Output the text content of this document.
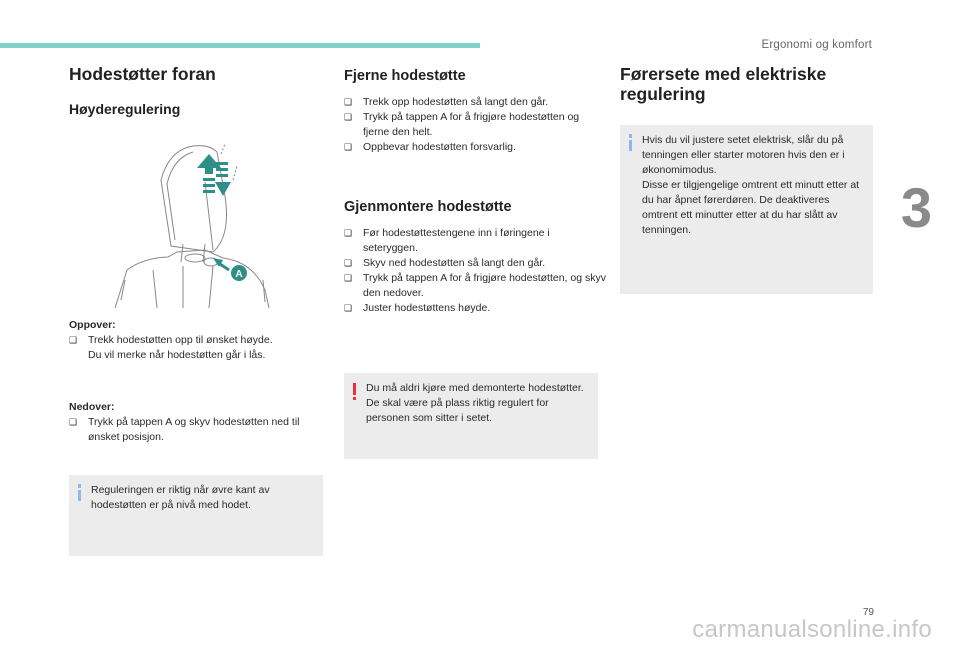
Ergonomi og komfort
3
Hodestøtter foran
Høyderegulering
A
Oppover:
❑ Trekk hodestøtten opp til ønsket høyde.
Du vil merke når hodestøtten går i lås.
Nedover:
❑ Trykk på tappen A og skyv hodestøtten ned til ønsket posisjon.
Reguleringen er riktig når øvre kant av hodestøtten er på nivå med hodet.
Fjerne hodestøtte
❑ Trekk opp hodestøtten så langt den går.
❑ Trykk på tappen A for å frigjøre hodestøtten og fjerne den helt.
❑ Oppbevar hodestøtten forsvarlig.
Gjenmontere hodestøtte
❑ Før hodestøttestengene inn i føringene i seteryggen.
❑ Skyv ned hodestøtten så langt den går.
❑ Trykk på tappen A for å frigjøre hodestøtten, og skyv den nedover.
❑ Juster hodestøttens høyde.
Du må aldri kjøre med demonterte hodestøtter. De skal være på plass riktig regulert for personen som sitter i setet.
Førersete med elektriske regulering
Hvis du vil justere setet elektrisk, slår du på tenningen eller starter motoren hvis den er i økonomimodus.
Disse er tilgjengelige omtrent ett minutt etter at du har åpnet førerdøren. De deaktiveres omtrent ett minutter etter at du har slått av tenningen.
79
carmanualsonline.info
